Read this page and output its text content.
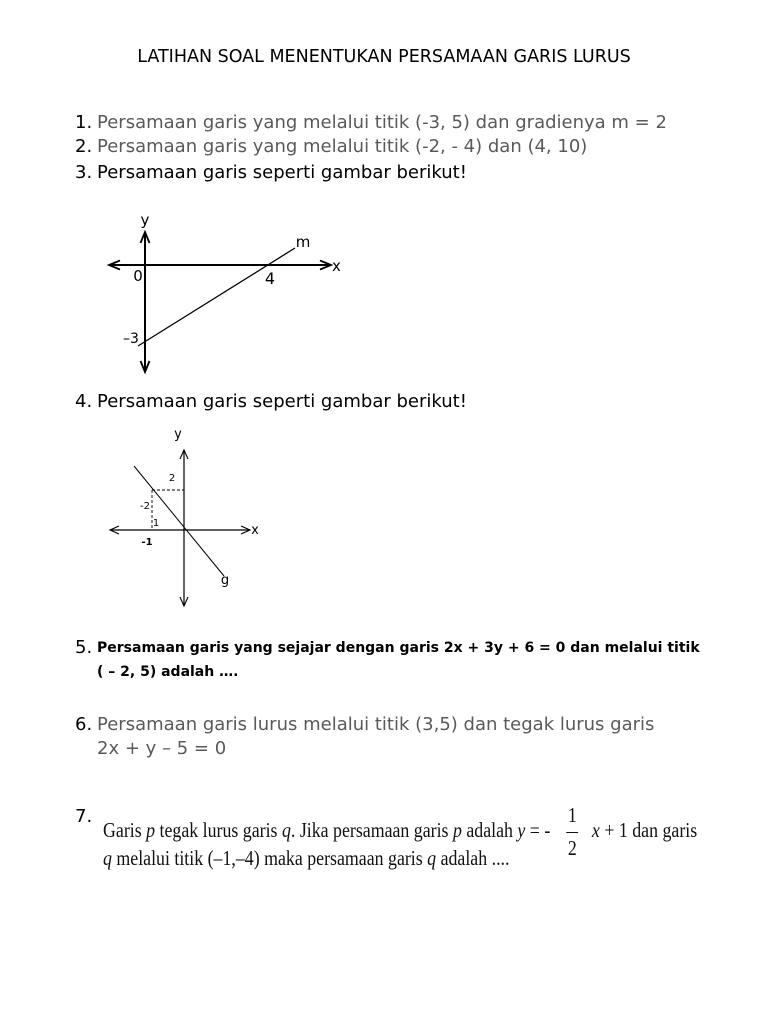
LATIHAN SOAL MENENTUKAN PERSAMAAN GARIS LURUS
1. Persamaan garis yang melalui titik (-3, 5) dan gradienya m = 2
2. Persamaan garis yang melalui titik (-2, - 4) dan (4, 10)
3. Persamaan garis seperti gambar berikut!
y
x
0	4
–3
m
4. Persamaan garis seperti gambar berikut!
y
x
g
2
-2
1
-1
5. Persamaan garis yang sejajar dengan garis 2x + 3y + 6 = 0 dan melalui titik
( – 2, 5) adalah ….
6. Persamaan garis lurus melalui titik (3,5) dan tegak lurus garis
2x + y – 5 = 0
7.
Garis p tegak lurus garis q. Jika persamaan garis p adalah y = -
$\frac{1}{2}$
x + 1 dan garis
q melalui titik (–1,–4) maka persamaan garis q adalah ....
